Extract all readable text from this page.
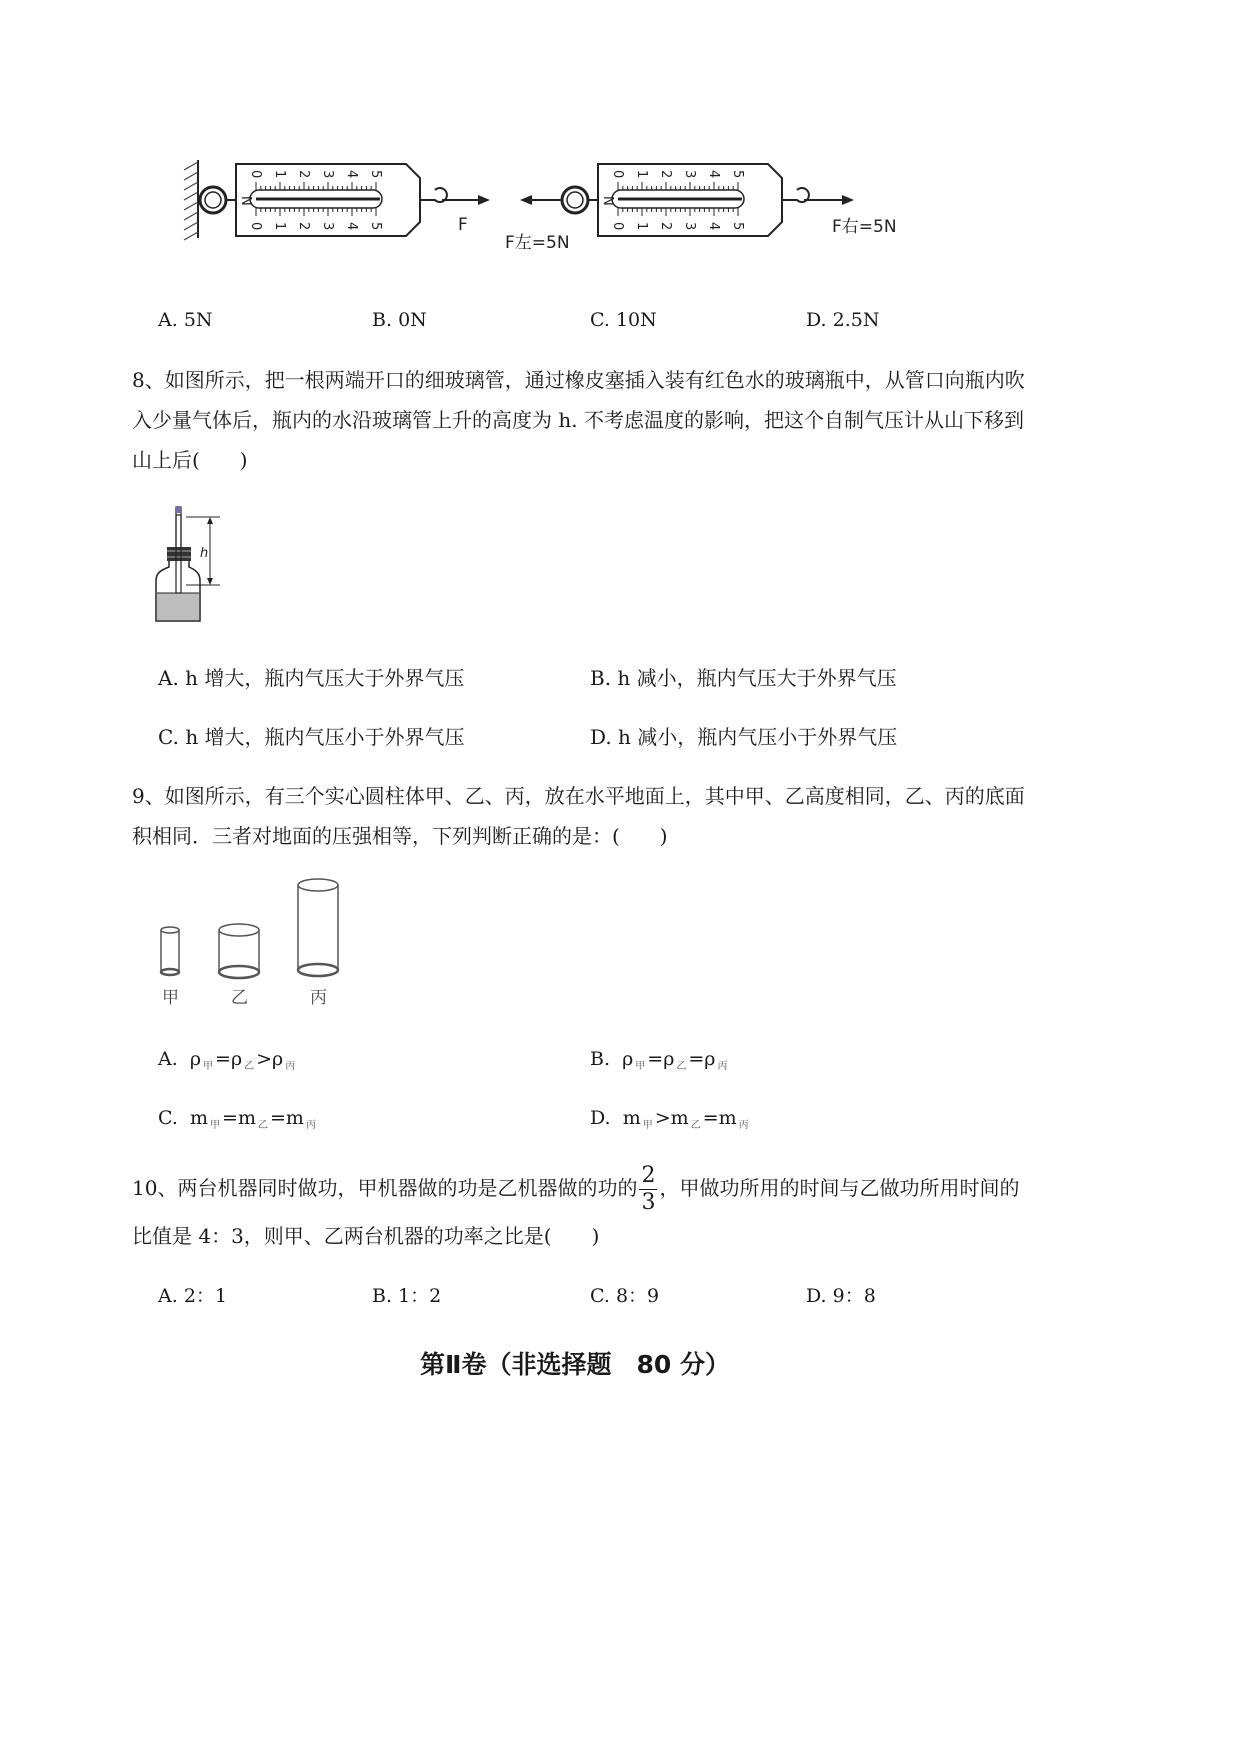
F
F左=5N
F右=5N
0 1 2 3 4 5
0 1 2 3 4 5
N
0 1 2 3 4 5
0 1 2 3 4 5
N
A. 5N	B. 0N	C. 10N	D. 2.5N
8、如图所示，把一根两端开口的细玻璃管，通过橡皮塞插入装有红色水的玻璃瓶中，从管口向瓶内吹
入少量气体后，瓶内的水沿玻璃管上升的高度为 h. 不考虑温度的影响，把这个自制气压计从山下移到
山上后(　　)
h
A. h 增大，瓶内气压大于外界气压	B. h 减小，瓶内气压大于外界气压
C. h 增大，瓶内气压小于外界气压	D. h 减小，瓶内气压小于外界气压
9、如图所示，有三个实心圆柱体甲、乙、丙，放在水平地面上，其中甲、乙高度相同，乙、丙的底面
积相同．三者对地面的压强相等，下列判断正确的是：(　　)
甲	乙	丙
A. ρ $_甲$ =ρ $_乙$ >ρ $_丙$	B. ρ $_甲$ =ρ $_乙$ =ρ $_丙$
C. m $_甲$ =m $_乙$ =m $_丙$	D. m $_甲$ >m $_乙$ =m $_丙$
10、两台机器同时做功，甲机器做的功是乙机器做的功的 $\frac{2}{3}$ ，甲做功所用的时间与乙做功所用时间的
比值是 4：3，则甲、乙两台机器的功率之比是(　　)
A. 2：1	B. 1：2	C. 8：9	D. 9：8
第Ⅱ卷（非选择题　80 分）
